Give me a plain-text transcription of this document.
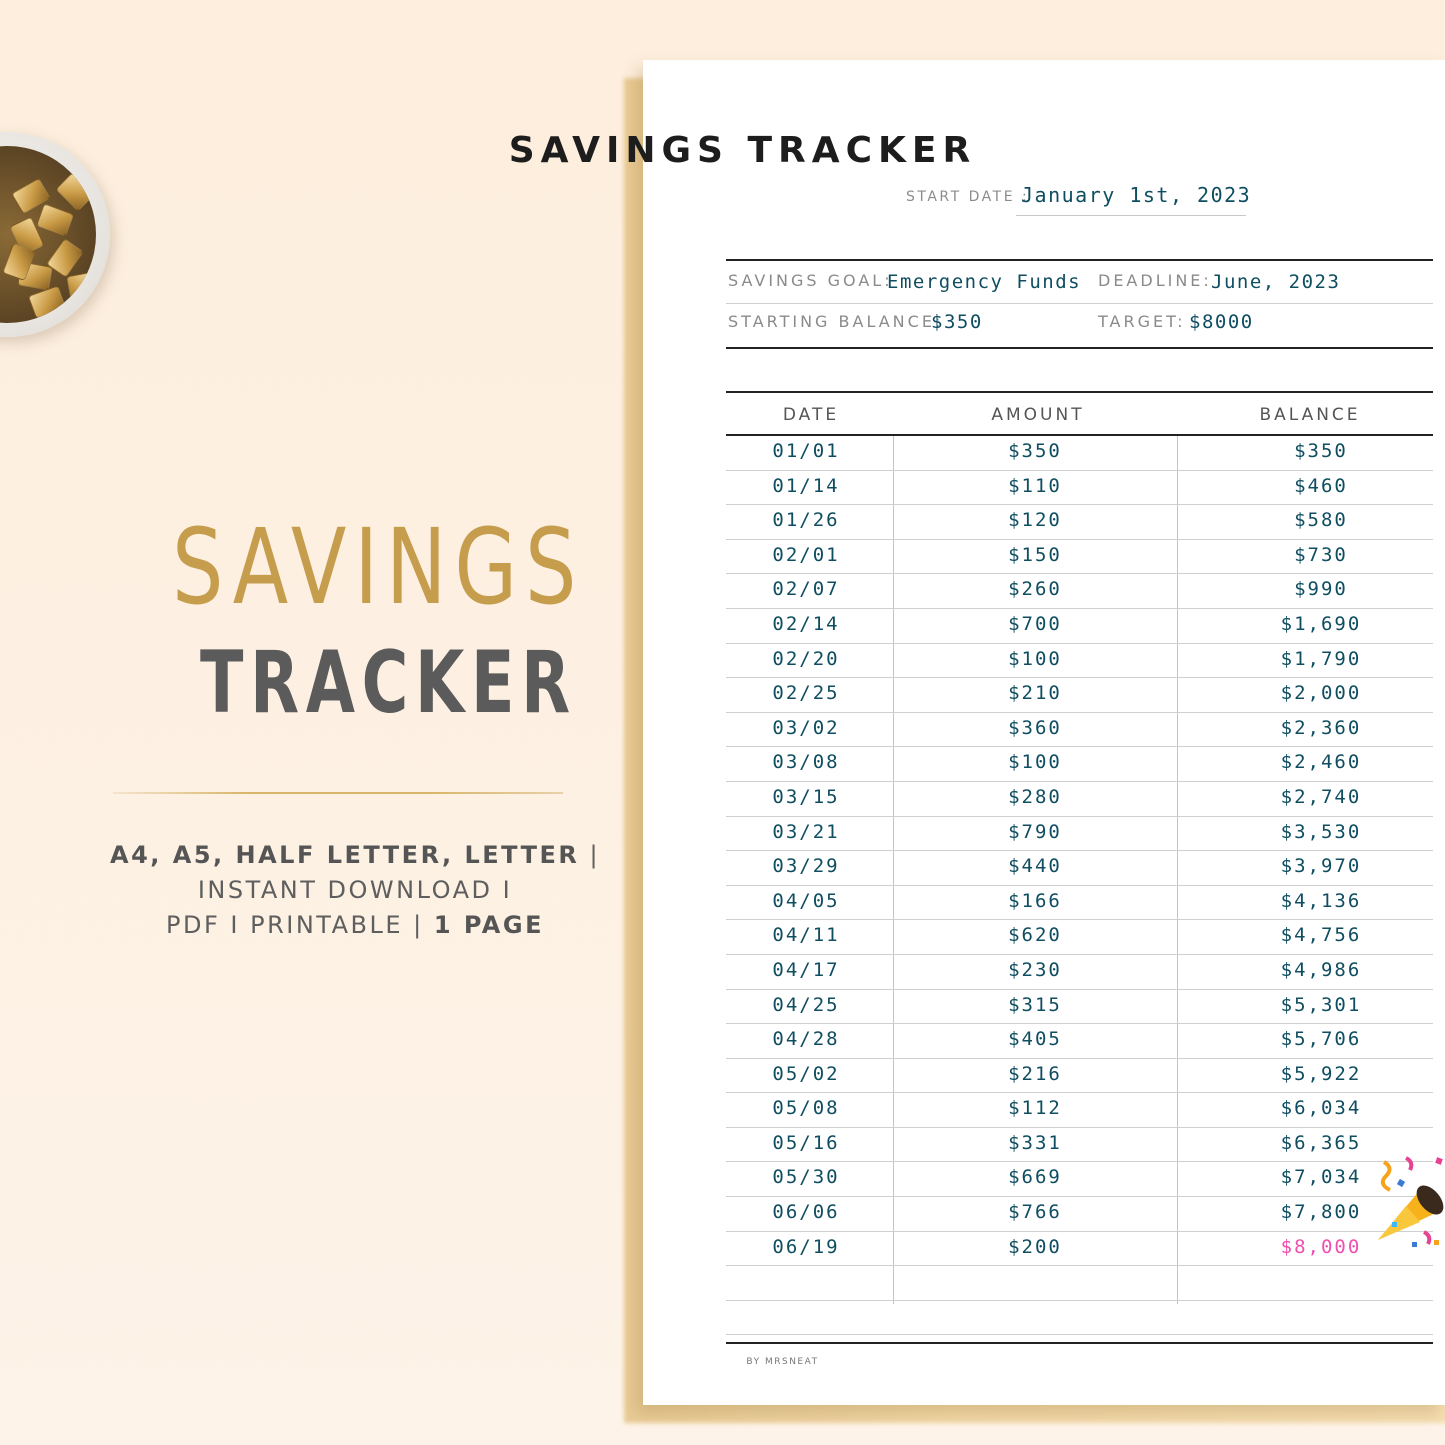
SAVINGS
TRACKER
A4, A5, HALF LETTER, LETTER |
INSTANT DOWNLOAD I
PDF I PRINTABLE | 1 PAGE
SAVINGS TRACKER
START DATE :
January 1st, 2023
SAVINGS GOAL:
Emergency Funds DEADLINE: June, 2023
STARTING BALANCE:
$350	TARGET: $8000
DATE	AMOUNT	BALANCE
01/01	$350	$350
01/14	$110	$460
01/26	$120	$580
02/01	$150	$730
02/07	$260	$990
02/14	$700	$1,690
02/20	$100	$1,790
02/25	$210	$2,000
03/02	$360	$2,360
03/08	$100	$2,460
03/15	$280	$2,740
03/21	$790	$3,530
03/29	$440	$3,970
04/05	$166	$4,136
04/11	$620	$4,756
04/17	$230	$4,986
04/25	$315	$5,301
04/28	$405	$5,706
05/02	$216	$5,922
05/08	$112	$6,034
05/16	$331	$6,365
05/30	$669	$7,034
06/06	$766	$7,800
06/19	$200	$8,000
BY MRSNEAT
